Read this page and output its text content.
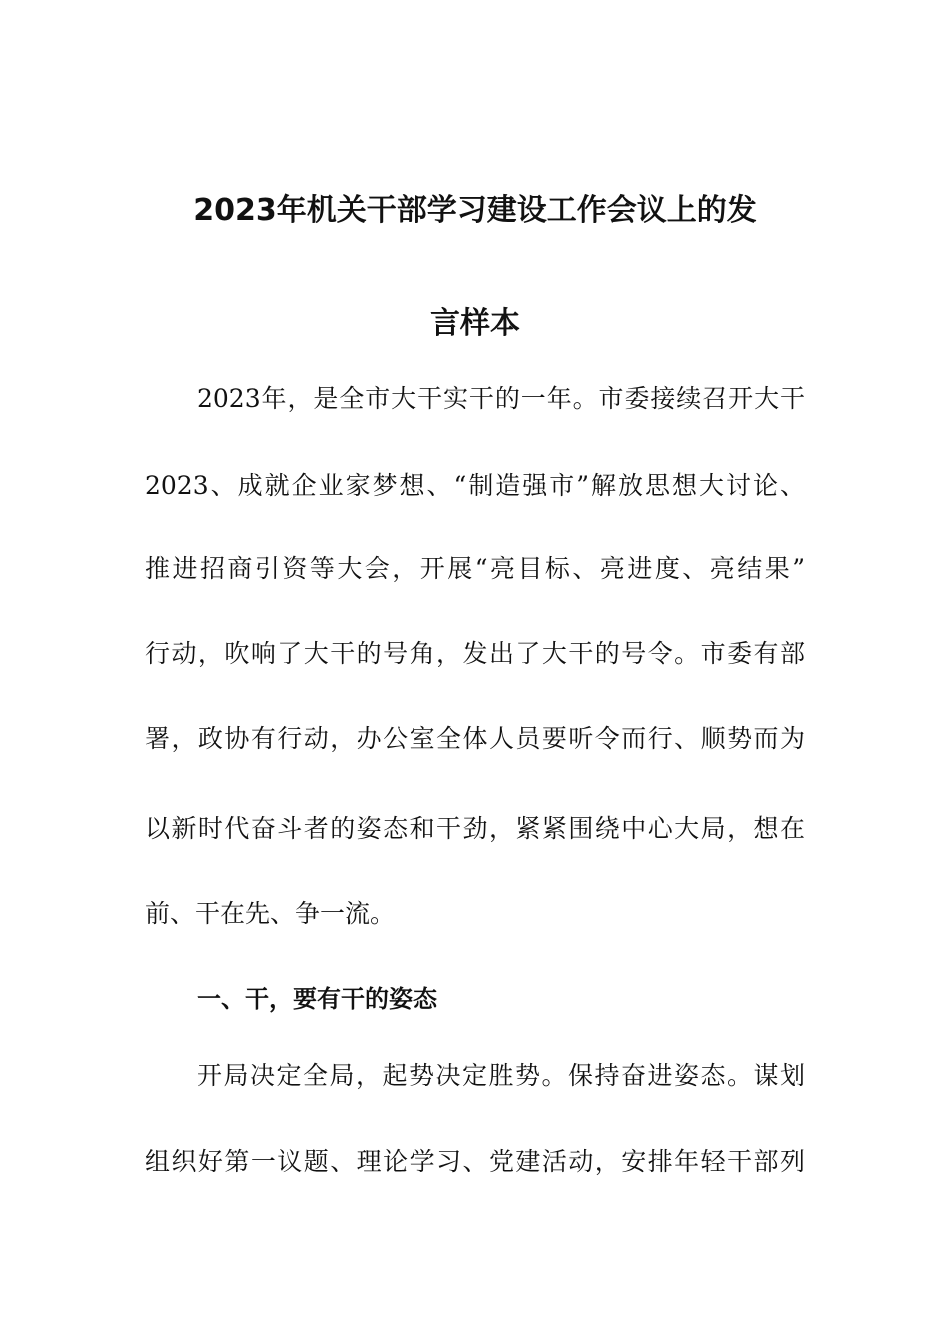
2023年机关干部学习建设工作会议上的发
言样本

2023年，是全市大干实干的一年。市委接续召开大干

2023、成就企业家梦想、“制造强市”解放思想大讨论、

推进招商引资等大会，开展“亮目标、亮进度、亮结果”

行动，吹响了大干的号角，发出了大干的号令。市委有部

署，政协有行动，办公室全体人员要听令而行、顺势而为

以新时代奋斗者的姿态和干劲，紧紧围绕中心大局，想在

前、干在先、争一流。

一、干，要有干的姿态

开局决定全局，起势决定胜势。保持奋进姿态。谋划

组织好第一议题、理论学习、党建活动，安排年轻干部列
